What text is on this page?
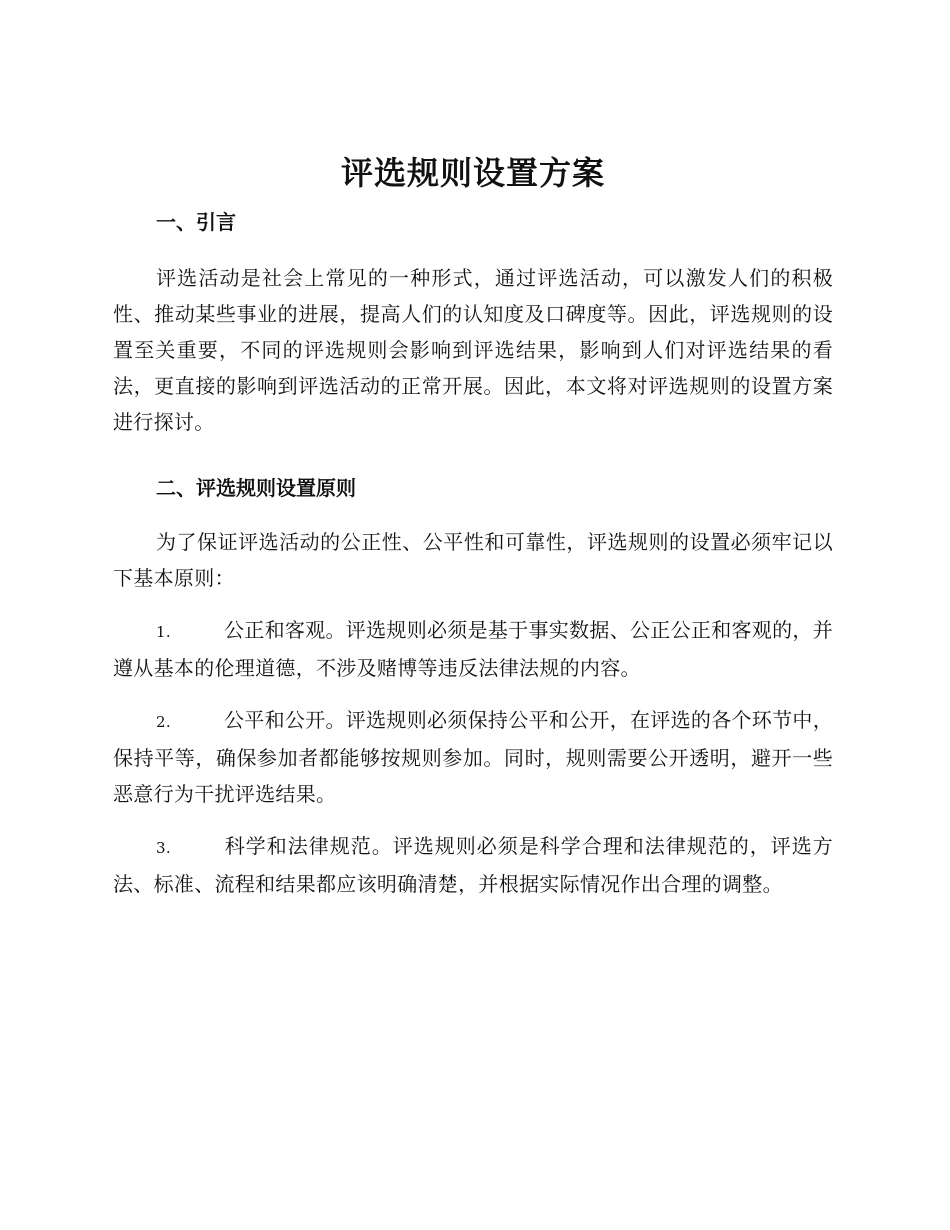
评选规则设置方案
一、引言

评选活动是社会上常见的一种形式，通过评选活动，可以激发人们的积极性、推动某些事业的进展，提高人们的认知度及口碑度等。因此，评选规则的设置至关重要，不同的评选规则会影响到评选结果，影响到人们对评选结果的看法，更直接的影响到评选活动的正常开展。因此，本文将对评选规则的设置方案进行探讨。

二、评选规则设置原则

为了保证评选活动的公正性、公平性和可靠性，评选规则的设置必须牢记以下基本原则：

1.	公正和客观。评选规则必须是基于事实数据、公正公正和客观的，并遵从基本的伦理道德，不涉及赌博等违反法律法规的内容。

2.	公平和公开。评选规则必须保持公平和公开，在评选的各个环节中，保持平等，确保参加者都能够按规则参加。同时，规则需要公开透明，避开一些恶意行为干扰评选结果。

3.	科学和法律规范。评选规则必须是科学合理和法律规范的，评选方法、标准、流程和结果都应该明确清楚，并根据实际情况作出合理的调整。
